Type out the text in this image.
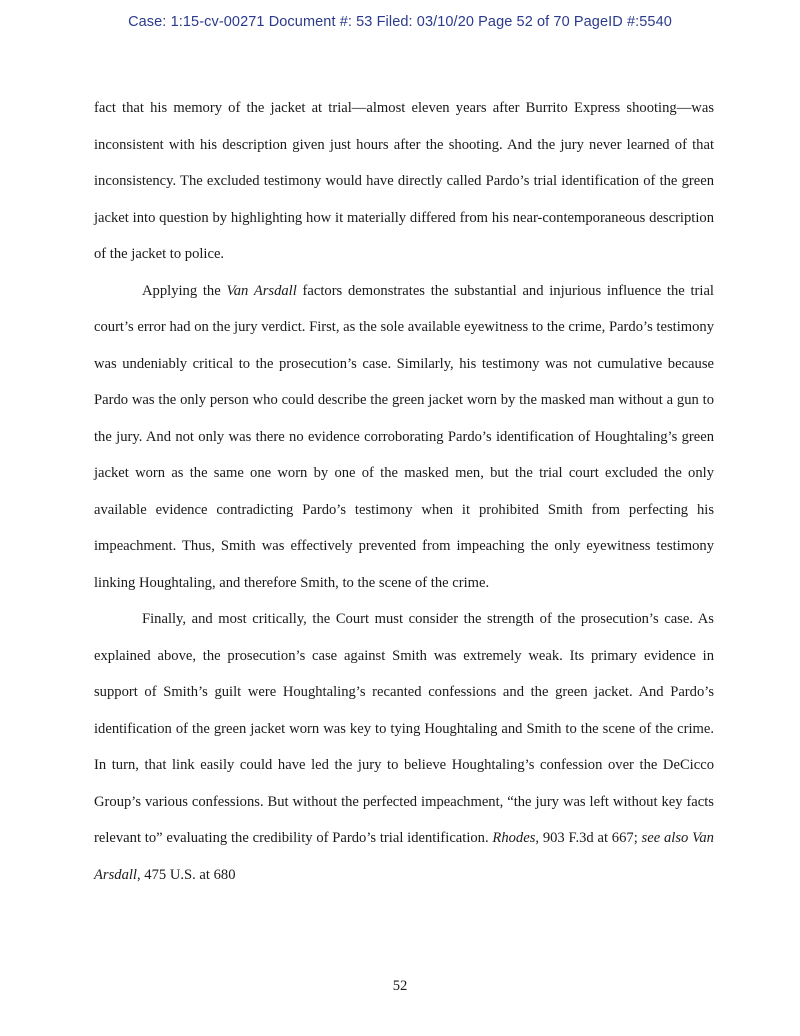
Case: 1:15-cv-00271 Document #: 53 Filed: 03/10/20 Page 52 of 70 PageID #:5540

fact that his memory of the jacket at trial—almost eleven years after Burrito Express shooting—was inconsistent with his description given just hours after the shooting. And the jury never learned of that inconsistency. The excluded testimony would have directly called Pardo’s trial identification of the green jacket into question by highlighting how it materially differed from his near-contemporaneous description of the jacket to police.

Applying the Van Arsdall factors demonstrates the substantial and injurious influence the trial court’s error had on the jury verdict. First, as the sole available eyewitness to the crime, Pardo’s testimony was undeniably critical to the prosecution’s case. Similarly, his testimony was not cumulative because Pardo was the only person who could describe the green jacket worn by the masked man without a gun to the jury. And not only was there no evidence corroborating Pardo’s identification of Houghtaling’s green jacket worn as the same one worn by one of the masked men, but the trial court excluded the only available evidence contradicting Pardo’s testimony when it prohibited Smith from perfecting his impeachment. Thus, Smith was effectively prevented from impeaching the only eyewitness testimony linking Houghtaling, and therefore Smith, to the scene of the crime.

Finally, and most critically, the Court must consider the strength of the prosecution’s case. As explained above, the prosecution’s case against Smith was extremely weak. Its primary evidence in support of Smith’s guilt were Houghtaling’s recanted confessions and the green jacket. And Pardo’s identification of the green jacket worn was key to tying Houghtaling and Smith to the scene of the crime. In turn, that link easily could have led the jury to believe Houghtaling’s confession over the DeCicco Group’s various confessions. But without the perfected impeachment, “the jury was left without key facts relevant to” evaluating the credibility of Pardo’s trial identification. Rhodes, 903 F.3d at 667; see also Van Arsdall, 475 U.S. at 680

52
